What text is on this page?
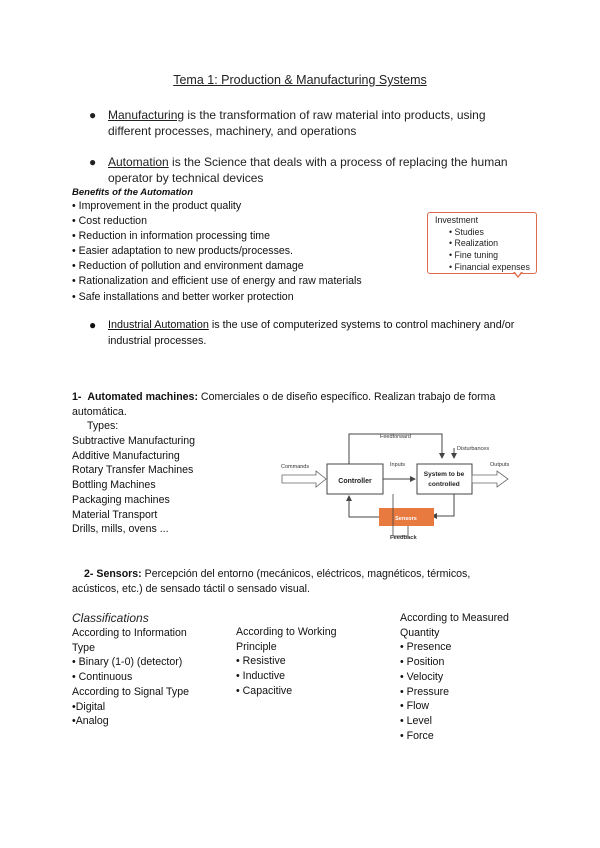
Tema 1: Production & Manufacturing Systems
● Manufacturing is the transformation of raw material into products, using
different processes, machinery, and operations
● Automation is the Science that deals with a process of replacing the human
operator by technical devices
Benefits of the Automation
• Improvement in the product quality
• Cost reduction
• Reduction in information processing time
• Easier adaptation to new products/processes.
• Reduction of pollution and environment damage
• Rationalization and efficient use of energy and raw materials
• Safe installations and better worker protection
Investment
• Studies
• Realization
• Fine tuning
• Financial expenses
● Industrial Automation is the use of computerized systems to control machinery and/or
industrial processes.
1- Automated machines: Comerciales o de diseño específico. Realizan trabajo de forma
automática.
Types:
Subtractive Manufacturing
Additive Manufacturing
Rotary Transfer Machines
Bottling Machines
Packaging machines
Material Transport
Drills, mills, ovens ...
Feedforward
Disturbances
Commands
Controller
Inputs
System to be
controlled
Outputs
Sensors
Feedback
2- Sensors: Percepción del entorno (mecánicos, eléctricos, magnéticos, térmicos,
acústicos, etc.) de sensado táctil o sensado visual.
Classifications
According to Information
Type
• Binary (1-0) (detector)
• Continuous
According to Signal Type
•Digital
•Analog
According to Working
Principle
• Resistive
• Inductive
• Capacitive
According to Measured
Quantity
• Presence
• Position
• Velocity
• Pressure
• Flow
• Level
• Force
